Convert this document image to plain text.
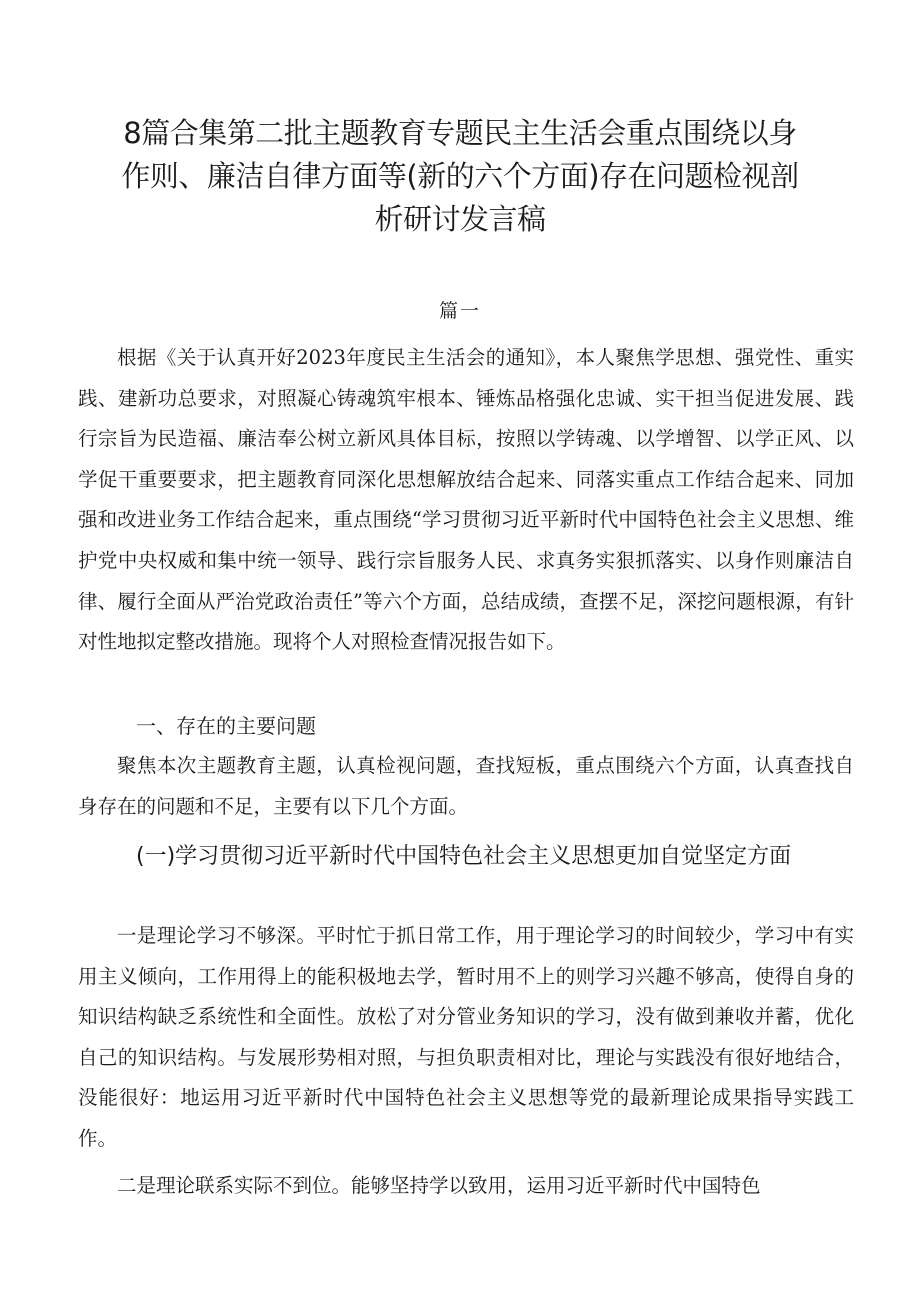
8篇合集第二批主题教育专题民主生活会重点围绕以身作则、廉洁自律方面等(新的六个方面)存在问题检视剖析研讨发言稿
篇一

根据《关于认真开好2023年度民主生活会的通知》，本人聚焦学思想、强党性、重实践、建新功总要求，对照凝心铸魂筑牢根本、锤炼品格强化忠诚、实干担当促进发展、践行宗旨为民造福、廉洁奉公树立新风具体目标，按照以学铸魂、以学增智、以学正风、以学促干重要要求，把主题教育同深化思想解放结合起来、同落实重点工作结合起来、同加强和改进业务工作结合起来，重点围绕“学习贯彻习近平新时代中国特色社会主义思想、维护党中央权威和集中统一领导、践行宗旨服务人民、求真务实狠抓落实、以身作则廉洁自律、履行全面从严治党政治责任”等六个方面，总结成绩，查摆不足，深挖问题根源，有针对性地拟定整改措施。现将个人对照检查情况报告如下。

一、存在的主要问题

聚焦本次主题教育主题，认真检视问题，查找短板，重点围绕六个方面，认真查找自身存在的问题和不足，主要有以下几个方面。

(一)学习贯彻习近平新时代中国特色社会主义思想更加自觉坚定方面

一是理论学习不够深。平时忙于抓日常工作，用于理论学习的时间较少，学习中有实用主义倾向，工作用得上的能积极地去学，暂时用不上的则学习兴趣不够高，使得自身的知识结构缺乏系统性和全面性。放松了对分管业务知识的学习，没有做到兼收并蓄，优化自己的知识结构。与发展形势相对照，与担负职责相对比，理论与实践没有很好地结合，没能很好：地运用习近平新时代中国特色社会主义思想等党的最新理论成果指导实践工作。

二是理论联系实际不到位。能够坚持学以致用，运用习近平新时代中国特色
